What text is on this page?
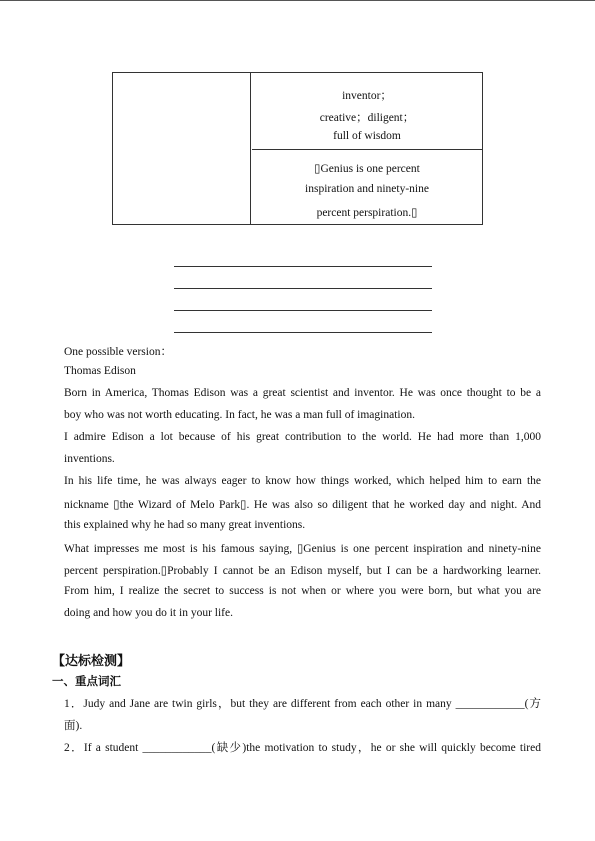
inventor；
creative；diligent；
full of wisdom
▯Genius is one percent
inspiration and ninety-nine
percent perspiration.▯
One possible version：
Thomas Edison
Born in America, Thomas Edison was a great scientist and inventor. He was once thought to be a
boy who was not worth educating. In fact, he was a man full of imagination.
I admire Edison a lot because of his great contribution to the world. He had more than 1,000
inventions.
In his life time, he was always eager to know how things worked, which helped him to earn the
nickname ▯the Wizard of Melo Park▯. He was also so diligent that he worked day and night. And
this explained why he had so many great inventions.
What impresses me most is his famous saying, ▯Genius is one percent inspiration and ninety-nine
percent perspiration.▯Probably I cannot be an Edison myself, but I can be a hardworking learner.
From him, I realize the secret to success is not when or where you were born, but what you are
doing and how you do it in your life.
【达标检测】
一、重点词汇
1．Judy and Jane are twin girls，but they are different from each other in many ____________(方
面).
2．If a student ____________(缺少)the motivation to study，he or she will quickly become tired
